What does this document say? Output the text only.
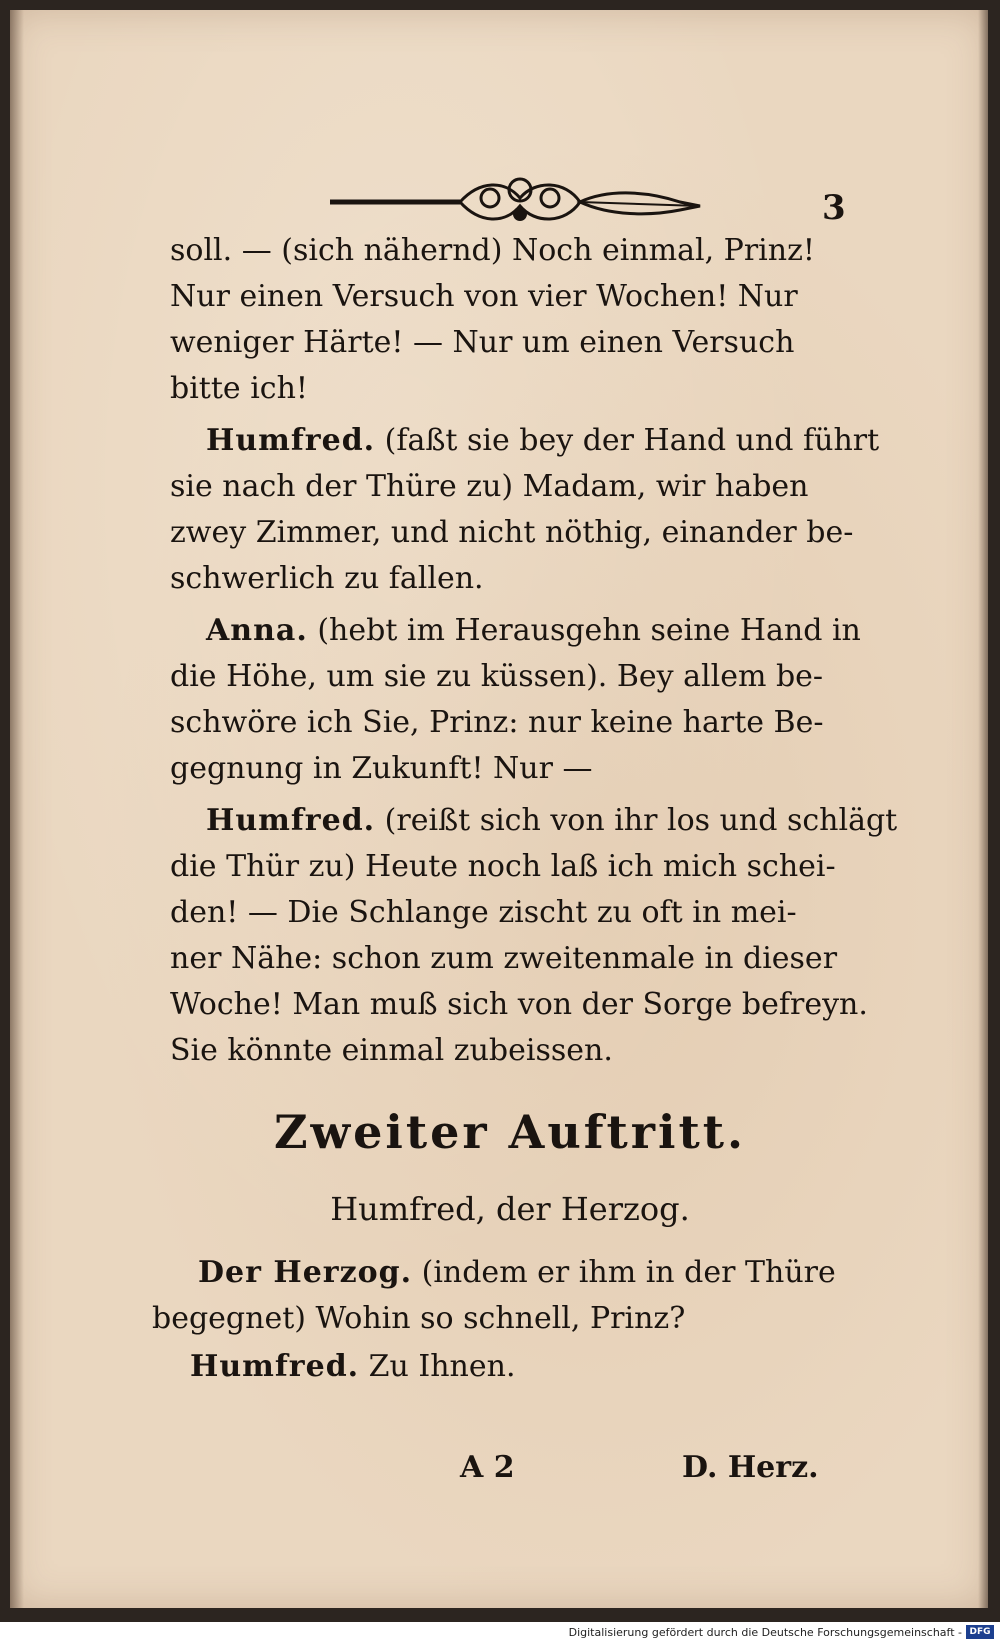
3
soll. — (sich nähernd) Noch einmal, Prinz!
Nur einen Versuch von vier Wochen! Nur
weniger Härte! — Nur um einen Versuch
bitte ich!
Humfred. (faßt sie bey der Hand und führt
sie nach der Thüre zu) Madam, wir haben
zwey Zimmer, und nicht nöthig, einander be-
schwerlich zu fallen.
Anna. (hebt im Herausgehn seine Hand in
die Höhe, um sie zu küssen). Bey allem be-
schwöre ich Sie, Prinz: nur keine harte Be-
gegnung in Zukunft! Nur —
Humfred. (reißt sich von ihr los und schlägt
die Thür zu) Heute noch laß ich mich schei-
den! — Die Schlange zischt zu oft in mei-
ner Nähe: schon zum zweitenmale in dieser
Woche! Man muß sich von der Sorge befreyn.
Sie könnte einmal zubeissen.
Zweiter Auftritt.
Humfred, der Herzog.
Der Herzog. (indem er ihm in der Thüre
begegnet) Wohin so schnell, Prinz?
Humfred. Zu Ihnen.
A 2	D. Herz.
Digitalisierung gefördert durch die Deutsche Forschungsgemeinschaft - DFG
